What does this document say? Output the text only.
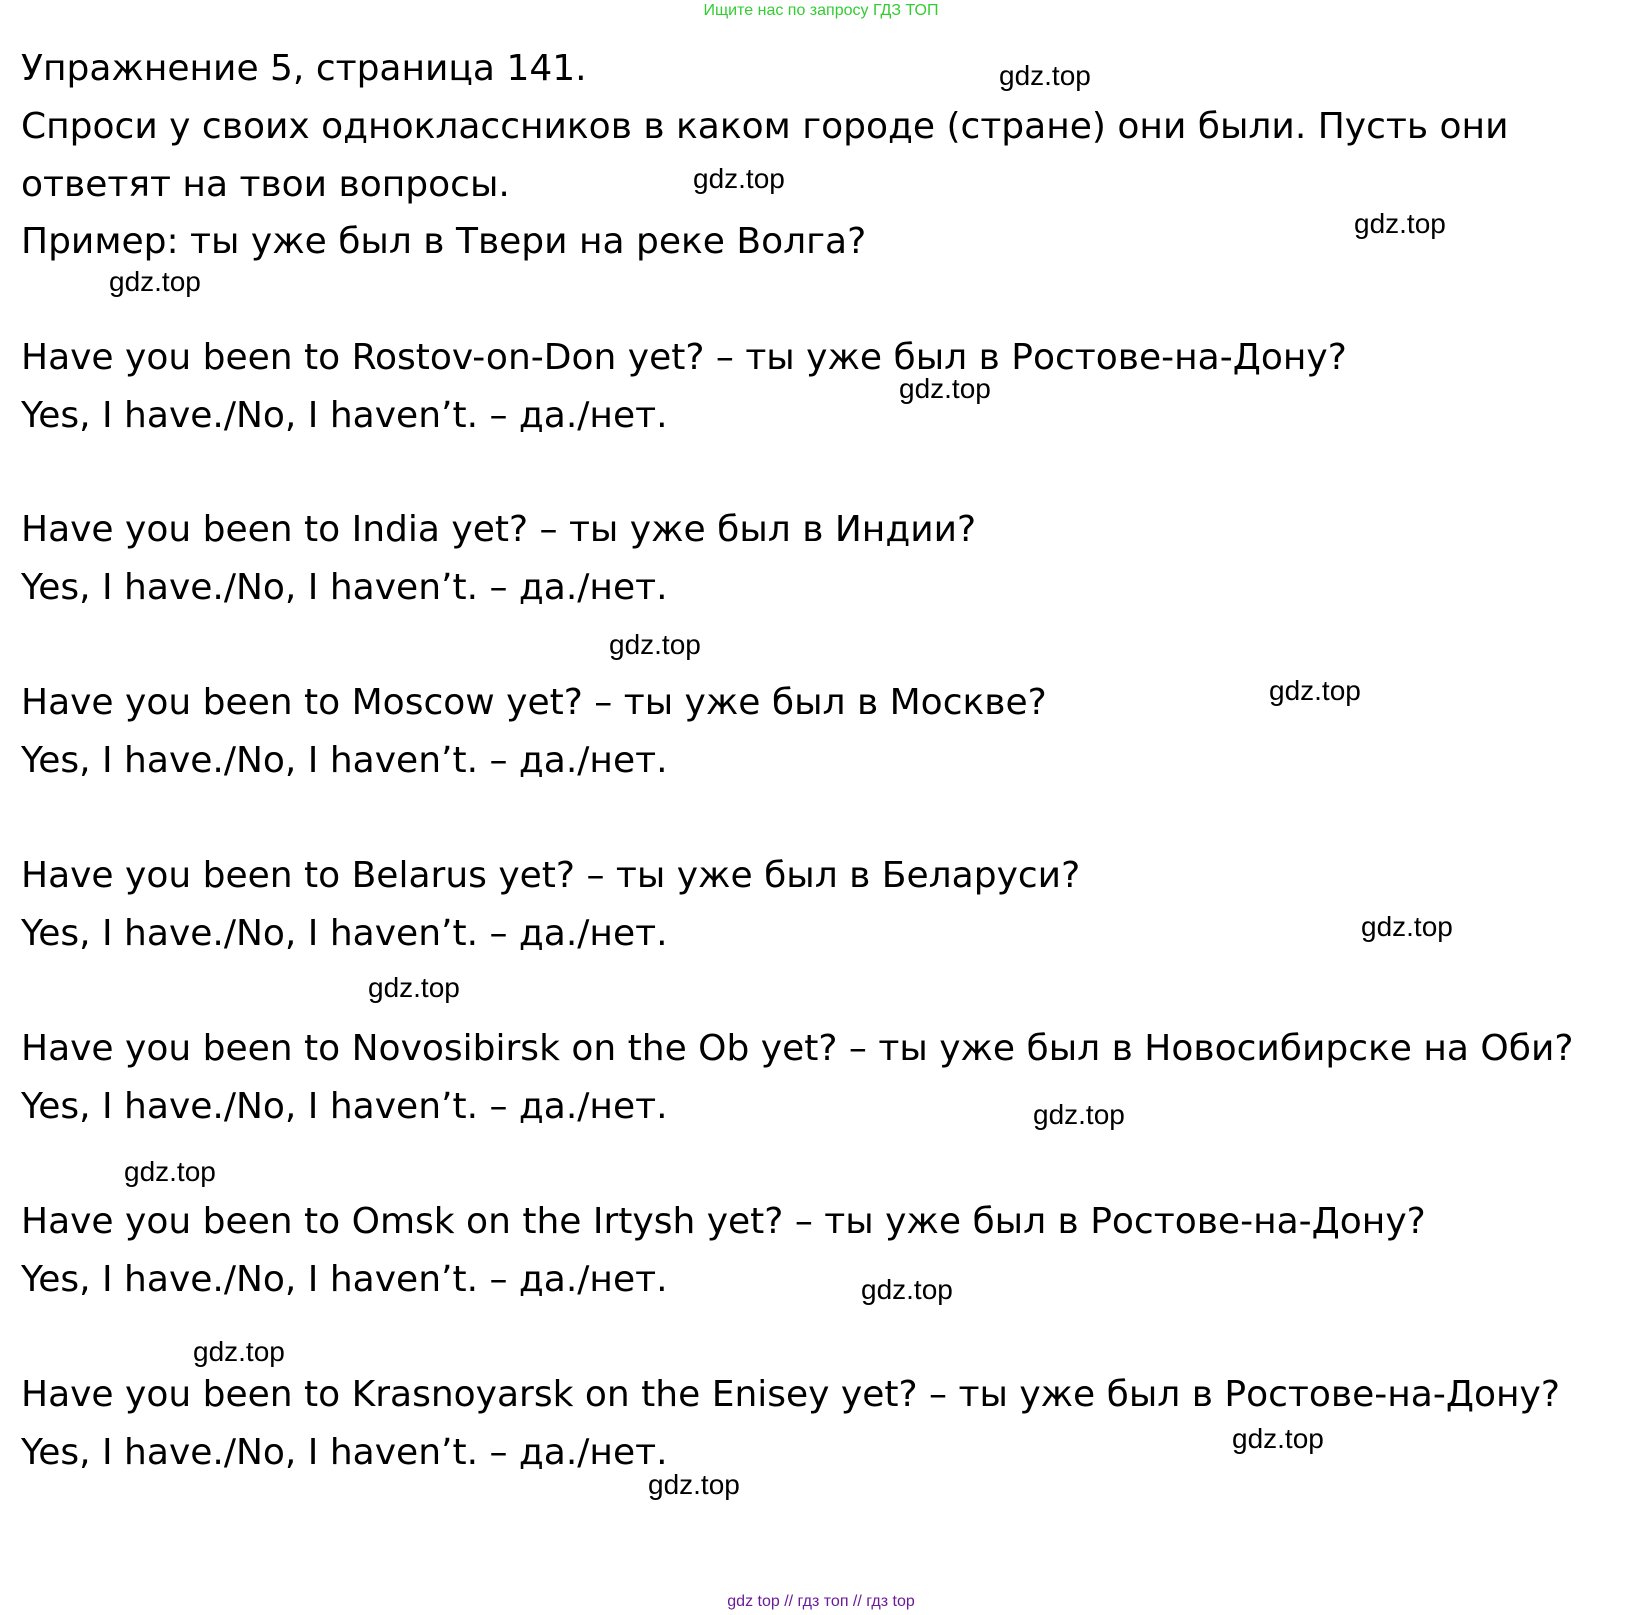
Ищите нас по запросу ГДЗ ТОП
Упражнение 5, страница 141.
Спроси у своих одноклассников в каком городе (стране) они были. Пусть они
ответят на твои вопросы.
Пример: ты уже был в Твери на реке Волга?
Have you been to Rostov-on-Don yet? – ты уже был в Ростове-на-Дону?
Yes, I have./No, I haven’t. – да./нет.
Have you been to India yet? – ты уже был в Индии?
Yes, I have./No, I haven’t. – да./нет.
Have you been to Moscow yet? – ты уже был в Москве?
Yes, I have./No, I haven’t. – да./нет.
Have you been to Belarus yet? – ты уже был в Беларуси?
Yes, I have./No, I haven’t. – да./нет.
Have you been to Novosibirsk on the Ob yet? – ты уже был в Новосибирске на Оби?
Yes, I have./No, I haven’t. – да./нет.
Have you been to Omsk on the Irtysh yet? – ты уже был в Ростове-на-Дону?
Yes, I have./No, I haven’t. – да./нет.
Have you been to Krasnoyarsk on the Enisey yet? – ты уже был в Ростове-на-Дону?
Yes, I have./No, I haven’t. – да./нет.
gdz.top
gdz.top
gdz.top
gdz.top
gdz.top
gdz.top
gdz.top
gdz.top
gdz.top
gdz.top
gdz.top
gdz.top
gdz.top
gdz.top
gdz.top
gdz top // гдз топ // гдз top
